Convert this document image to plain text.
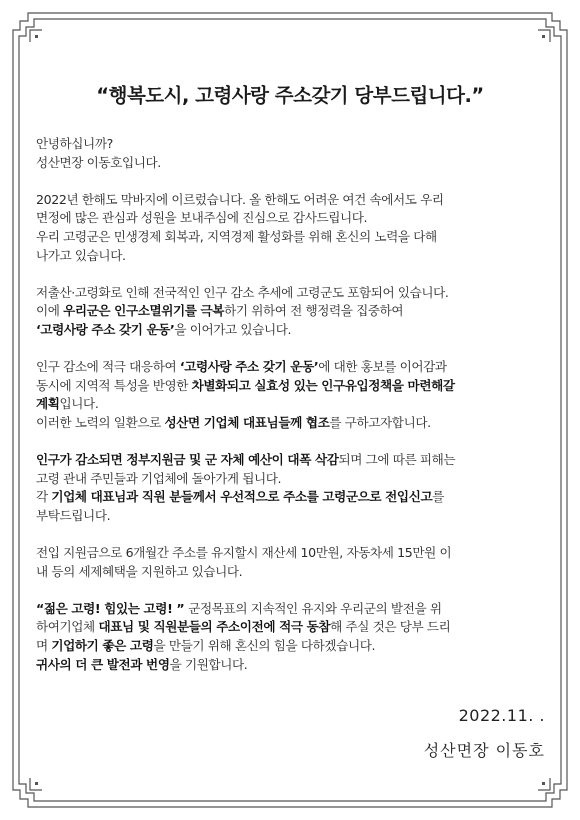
“행복도시, 고령사랑 주소갖기 당부드립니다.”

안녕하십니까?

성산면장 이동호입니다.

2022년 한해도 막바지에 이르렀습니다. 올 한해도 어려운 여건 속에서도 우리

면정에 많은 관심과 성원을 보내주심에 진심으로 감사드립니다.

우리 고령군은 민생경제 회복과, 지역경제 활성화를 위해 혼신의 노력을 다해

나가고 있습니다.

저출산·고령화로 인해 전국적인 인구 감소 추세에 고령군도 포함되어 있습니다.

이에 우리군은 인구소멸위기를 극복하기 위하여 전 행정력을 집중하여

‘고령사랑 주소 갖기 운동’을 이어가고 있습니다.

인구 감소에 적극 대응하여 ‘고령사랑 주소 갖기 운동’에 대한 홍보를 이어감과

동시에 지역적 특성을 반영한 차별화되고 실효성 있는 인구유입정책을 마련해갈

계획입니다.

이러한 노력의 일환으로 성산면 기업체 대표님들께 협조를 구하고자합니다.

인구가 감소되면 정부지원금 및 군 자체 예산이 대폭 삭감되며 그에 따른 피해는

고령 관내 주민들과 기업체에 돌아가게 됩니다.

각 기업체 대표님과 직원 분들께서 우선적으로 주소를 고령군으로 전입신고를

부탁드립니다.

전입 지원금으로 6개월간 주소를 유지할시 재산세 10만원, 자동차세 15만원 이

내 등의 세제혜택을 지원하고 있습니다.

“젊은 고령! 힘있는 고령! ” 군정목표의 지속적인 유지와 우리군의 발전을 위

하여기업체 대표님 및 직원분들의 주소이전에 적극 동참해 주실 것은 당부 드리

며 기업하기 좋은 고령을 만들기 위해 혼신의 힘을 다하겠습니다.

귀사의 더 큰 발전과 번영을 기원합니다.

2022.11. .
성산면장 이동호
